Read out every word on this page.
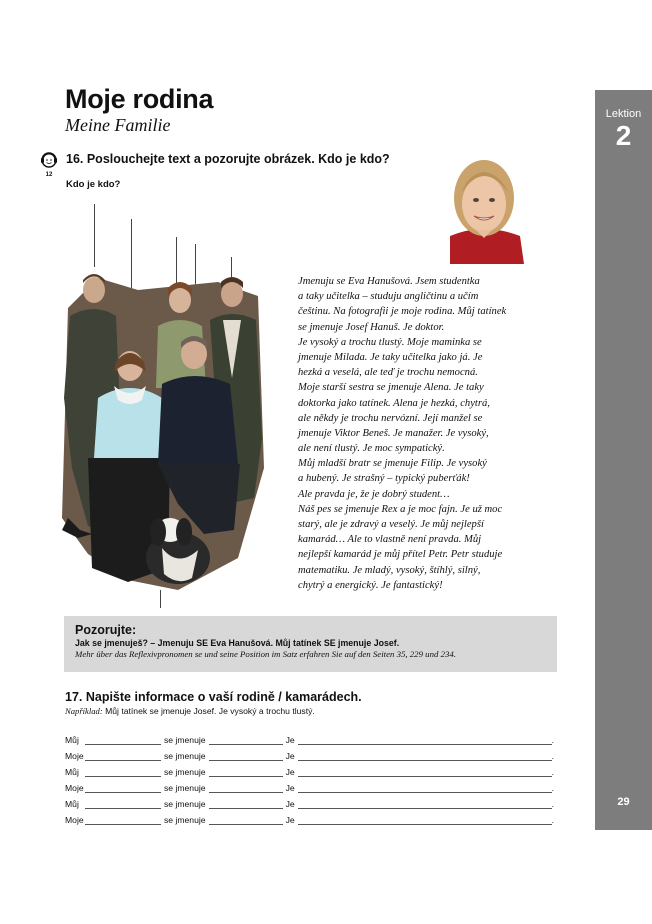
Lektion
2
29
Moje rodina
Meine Familie
12
16. Poslouchejte text a pozorujte obrázek. Kdo je kdo?
Kdo je kdo?
Jmenuju se Eva Hanušová. Jsem studentka
a taky učitelka – studuju angličtinu a učím
češtinu. Na fotografii je moje rodina. Můj tatínek
se jmenuje Josef Hanuš. Je doktor.
Je vysoký a trochu tlustý. Moje maminka se
jmenuje Milada. Je taky učitelka jako já. Je
hezká a veselá, ale teď je trochu nemocná.
Moje starší sestra se jmenuje Alena. Je taky
doktorka jako tatínek. Alena je hezká, chytrá,
ale někdy je trochu nervózní. Její manžel se
jmenuje Viktor Beneš. Je manažer. Je vysoký,
ale není tlustý. Je moc sympatický.
Můj mladší bratr se jmenuje Filip. Je vysoký
a hubený. Je strašný – typický puberťák!
Ale pravda je, že je dobrý student…
Náš pes se jmenuje Rex a je moc fajn. Je už moc
starý, ale je zdravý a veselý. Je můj nejlepší
kamarád… Ale to vlastně není pravda. Můj
nejlepší kamarád je můj přítel Petr. Petr studuje
matematiku. Je mladý, vysoký, štíhlý, silný,
chytrý a energický. Je fantastický!
Pozorujte:
Jak se jmenuješ? – Jmenuju SE Eva Hanušová. Můj tatínek SE jmenuje Josef.
Mehr über das Reflexivpronomen se und seine Position im Satz erfahren Sie auf den Seiten 35, 229 und 234.
17. Napište informace o vaší rodině / kamarádech.
Například: Můj tatínek se jmenuje Josef. Je vysoký a trochu tlustý.
Můj	se jmenuje	Je	.
Moje	se jmenuje	Je	.
Můj	se jmenuje	Je	.
Moje	se jmenuje	Je	.
Můj	se jmenuje	Je	.
Moje	se jmenuje	Je	.
